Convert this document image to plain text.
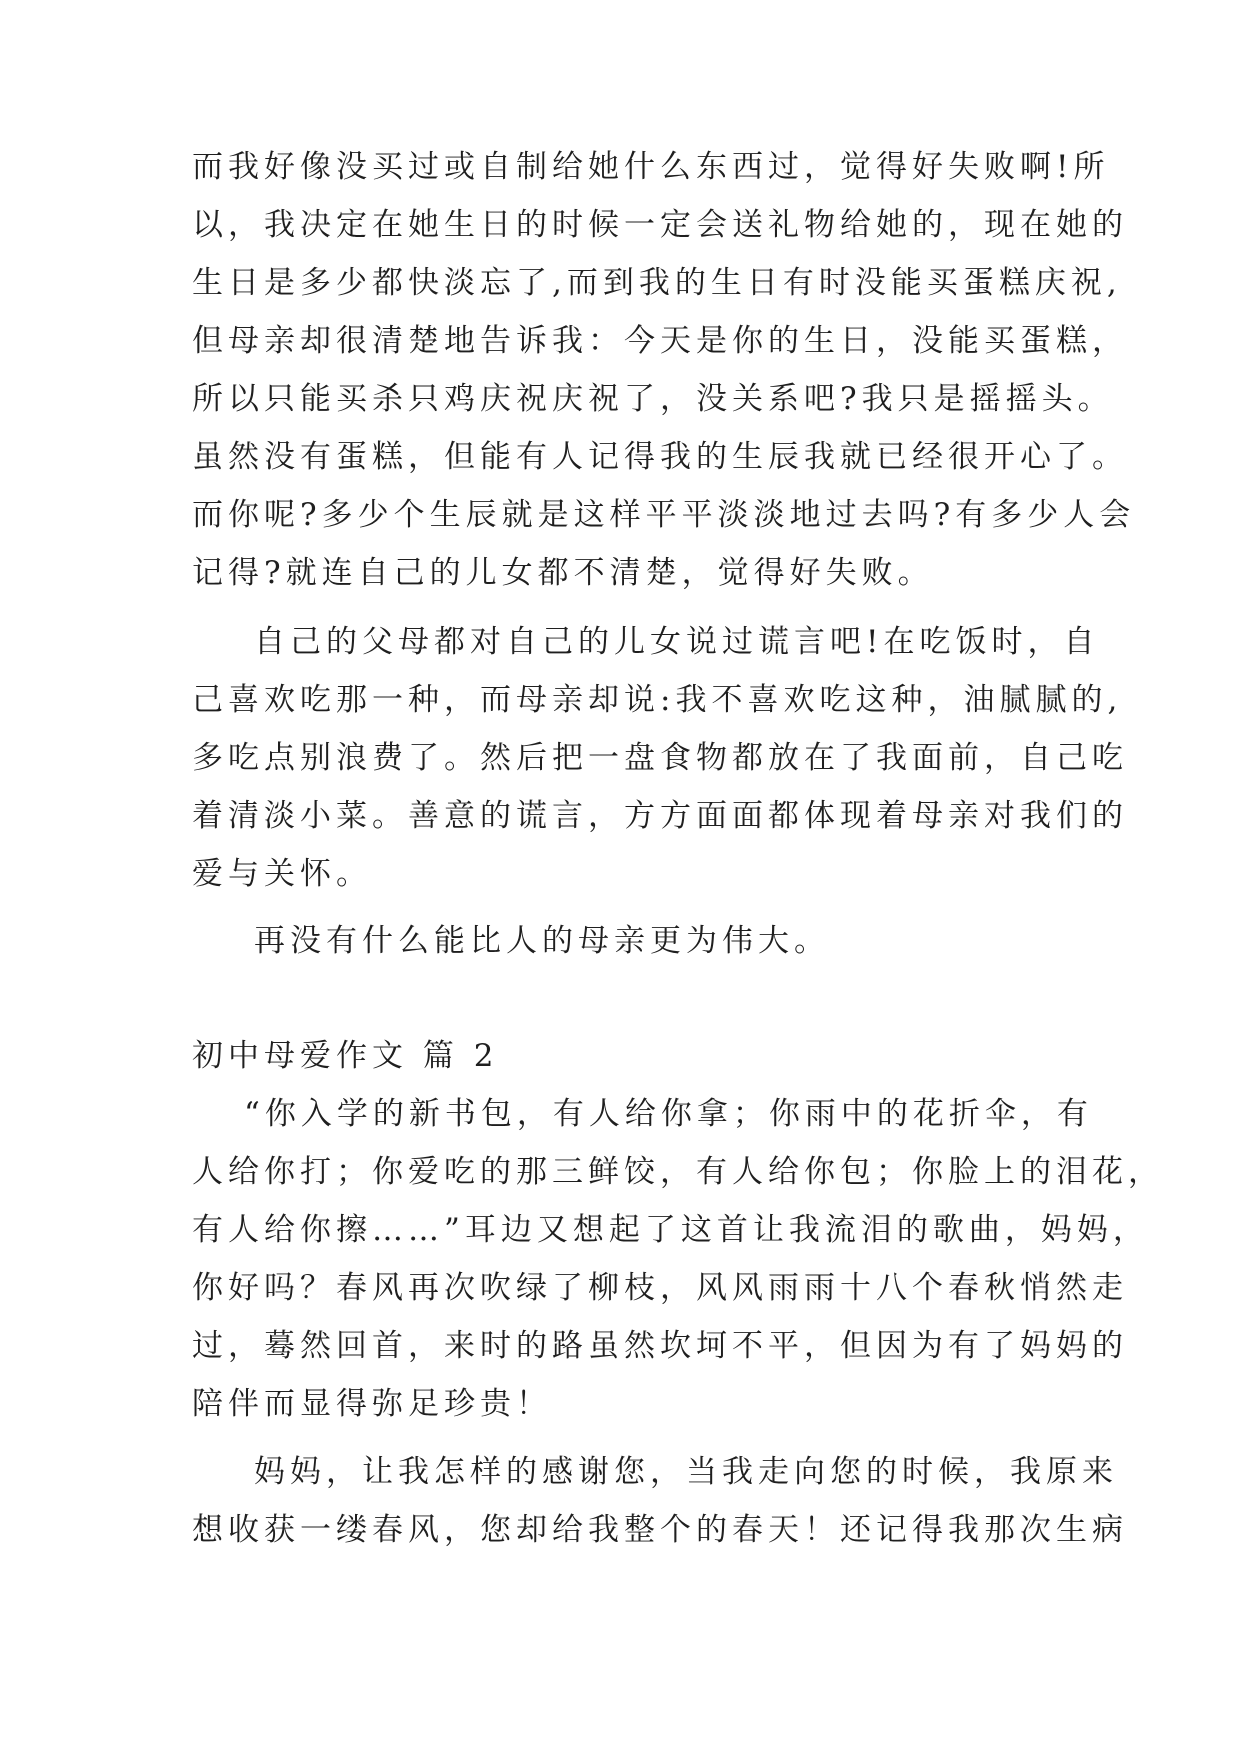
而我好像没买过或自制给她什么东西过，觉得好失败啊!所
以，我决定在她生日的时候一定会送礼物给她的，现在她的
生日是多少都快淡忘了,而到我的生日有时没能买蛋糕庆祝,
但母亲却很清楚地告诉我：今天是你的生日，没能买蛋糕，
所以只能买杀只鸡庆祝庆祝了，没关系吧?我只是摇摇头。
虽然没有蛋糕，但能有人记得我的生辰我就已经很开心了。
而你呢?多少个生辰就是这样平平淡淡地过去吗?有多少人会
记得?就连自己的儿女都不清楚，觉得好失败。
自己的父母都对自己的儿女说过谎言吧!在吃饭时，自
己喜欢吃那一种，而母亲却说:我不喜欢吃这种，油腻腻的,
多吃点别浪费了。然后把一盘食物都放在了我面前，自己吃
着清淡小菜。善意的谎言，方方面面都体现着母亲对我们的
爱与关怀。
再没有什么能比人的母亲更为伟大。
初中母爱作文 篇 2
“你入学的新书包，有人给你拿；你雨中的花折伞，有
人给你打；你爱吃的那三鲜饺，有人给你包；你脸上的泪花，
有人给你擦……”耳边又想起了这首让我流泪的歌曲，妈妈，
你好吗？春风再次吹绿了柳枝，风风雨雨十八个春秋悄然走
过，蓦然回首，来时的路虽然坎坷不平，但因为有了妈妈的
陪伴而显得弥足珍贵！
妈妈，让我怎样的感谢您，当我走向您的时候，我原来
想收获一缕春风，您却给我整个的春天！还记得我那次生病
